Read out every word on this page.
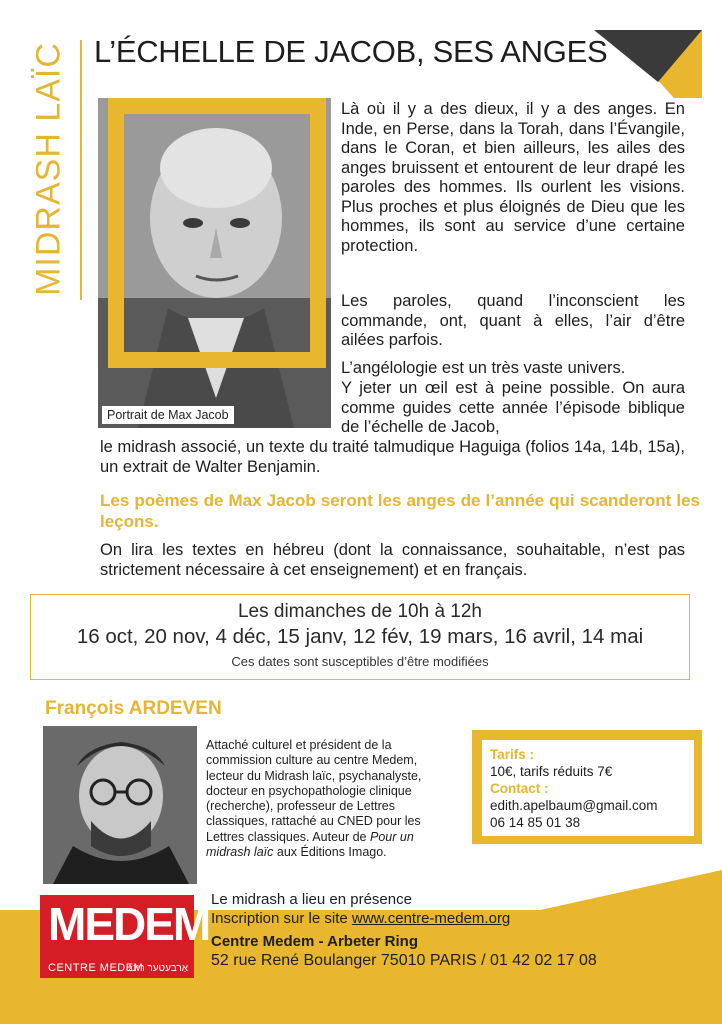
MIDRASH LAÏC L’ÉCHELLE DE JACOB, SES ANGES
Portrait de Max Jacob
Là où il y a des dieux, il y a des anges. En Inde, en Perse, dans la Torah, dans l’Évangile, dans le Coran, et bien ailleurs, les ailes des anges bruissent et entourent de leur drapé les paroles des hommes. Ils ourlent les visions. Plus proches et plus éloignés de Dieu que les hommes, ils sont au service d’une certaine protection.
Les paroles, quand l’inconscient les commande, ont, quant à elles, l’air d’être ailées parfois.
L’angélologie est un très vaste univers.
Y jeter un œil est à peine possible. On aura comme guides cette année l’épisode biblique de l’échelle de Jacob,
le midrash associé, un texte du traité talmudique Haguiga (folios 14a, 14b, 15a), un extrait de Walter Benjamin.
Les poèmes de Max Jacob seront les anges de l’année qui scanderont les leçons.
On lira les textes en hébreu (dont la connaissance, souhaitable, n’est pas strictement nécessaire à cet enseignement) et en français.
Les dimanches de 10h à 12h
16 oct, 20 nov, 4 déc, 15 janv, 12 fév, 19 mars, 16 avril, 14 mai
Ces dates sont susceptibles d’être modifiées
François ARDEVEN
Attaché culturel et président de la commission culture au centre Medem, lecteur du Midrash laïc, psychanalyste, docteur en psychopathologie clinique (recherche), professeur de Lettres classiques, rattaché au CNED pour les Lettres classiques. Auteur de Pour un midrash laïc aux Éditions Imago.
Tarifs :
10€, tarifs réduits 7€
Contact :
edith.apelbaum@gmail.com
06 14 85 01 38
MEDEM
CENTRE MEDEM
אַרבעטער רינג
Le midrash a lieu en présence
Inscription sur le site www.centre-medem.org
Centre Medem - Arbeter Ring
52 rue René Boulanger 75010 PARIS / 01 42 02 17 08
